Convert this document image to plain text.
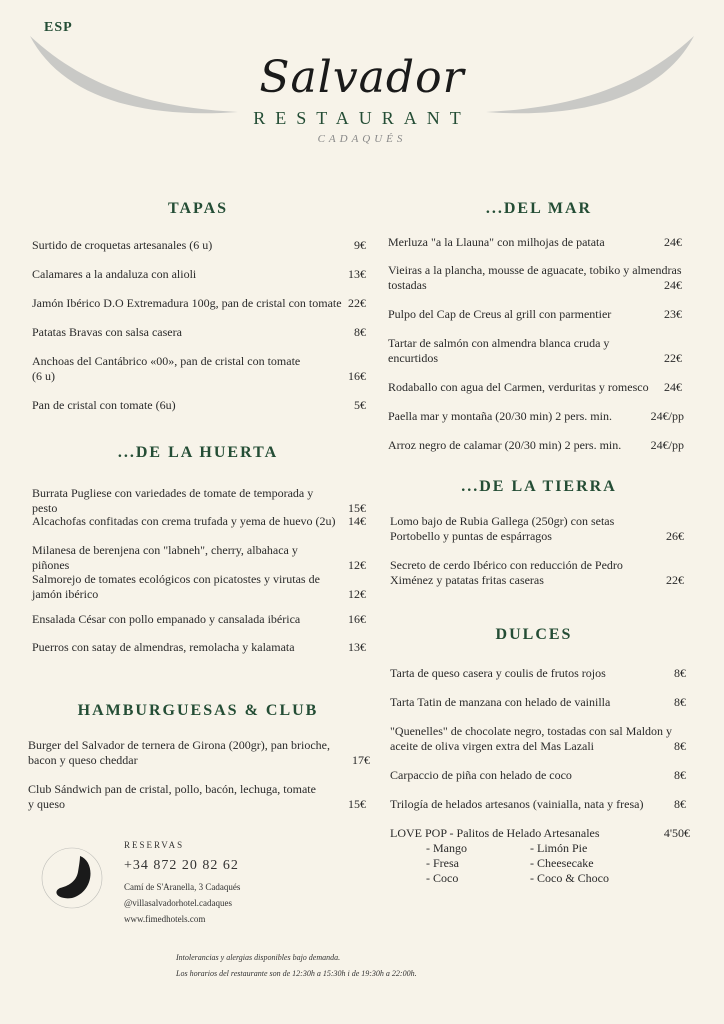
ESP
Salvador
RESTAURANT
CADAQUÉS
TAPAS
Surtido de croquetas artesanales (6 u)	9€
Calamares a la andaluza con alioli	13€
Jamón Ibérico D.O Extremadura 100g, pan de cristal con tomate 22€
Patatas Bravas con salsa casera	8€
Anchoas del Cantábrico «00», pan de cristal con tomate (6 u)	16€
Pan de cristal con tomate (6u)	5€
...DE LA HUERTA
Burrata Pugliese con variedades de tomate de temporada y pesto	15€
Alcachofas confitadas con crema trufada y yema de huevo (2u) 14€
Milanesa de berenjena con "labneh", cherry, albahaca y piñones	12€
Salmorejo de tomates ecológicos con picatostes y virutas de jamón ibérico	12€
Ensalada César con pollo empanado y cansalada ibérica	16€
Puerros con satay de almendras, remolacha y kalamata	13€
HAMBURGUESAS & CLUB
Burger del Salvador de ternera de Girona (200gr), pan brioche, bacon y queso cheddar	17€
Club Sándwich pan de cristal, pollo, bacón, lechuga, tomate y queso	15€
...DEL MAR
Merluza "a la Llauna" con milhojas de patata	24€
Vieiras a la plancha, mousse de aguacate, tobiko y almendras tostadas	24€
Pulpo del Cap de Creus al grill con parmentier	23€
Tartar de salmón con almendra blanca cruda y encurtidos	22€
Rodaballo con agua del Carmen, verduritas y romesco	24€
Paella mar y montaña (20/30 min) 2 pers. min.	24€/pp
Arroz negro de calamar (20/30 min) 2 pers. min.	24€/pp
...DE LA TIERRA
Lomo bajo de Rubia Gallega (250gr) con setas Portobello y puntas de espárragos	26€
Secreto de cerdo Ibérico con reducción de Pedro Ximénez y patatas fritas caseras	22€
DULCES
Tarta de queso casera y coulis de frutos rojos	8€
Tarta Tatin de manzana con helado de vainilla	8€
"Quenelles" de chocolate negro, tostadas con sal Maldon y aceite de oliva virgen extra del Mas Lazali	8€
Carpaccio de piña con helado de coco	8€
Trilogía de helados artesanos (vainialla, nata y fresa)	8€
LOVE POP - Palitos de Helado Artesanales	4'50€
- Mango	- Limón Pie
- Fresa	- Cheesecake
- Coco	- Coco & Choco
RESERVAS
+34 872 20 82 62
Camí de S'Aranella, 3 Cadaqués
@villasalvadorhotel.cadaques
www.fimedhotels.com
Intolerancias y alergias disponibles bajo demanda.
Los horarios del restaurante son de 12:30h a 15:30h i de 19:30h a 22:00h.
